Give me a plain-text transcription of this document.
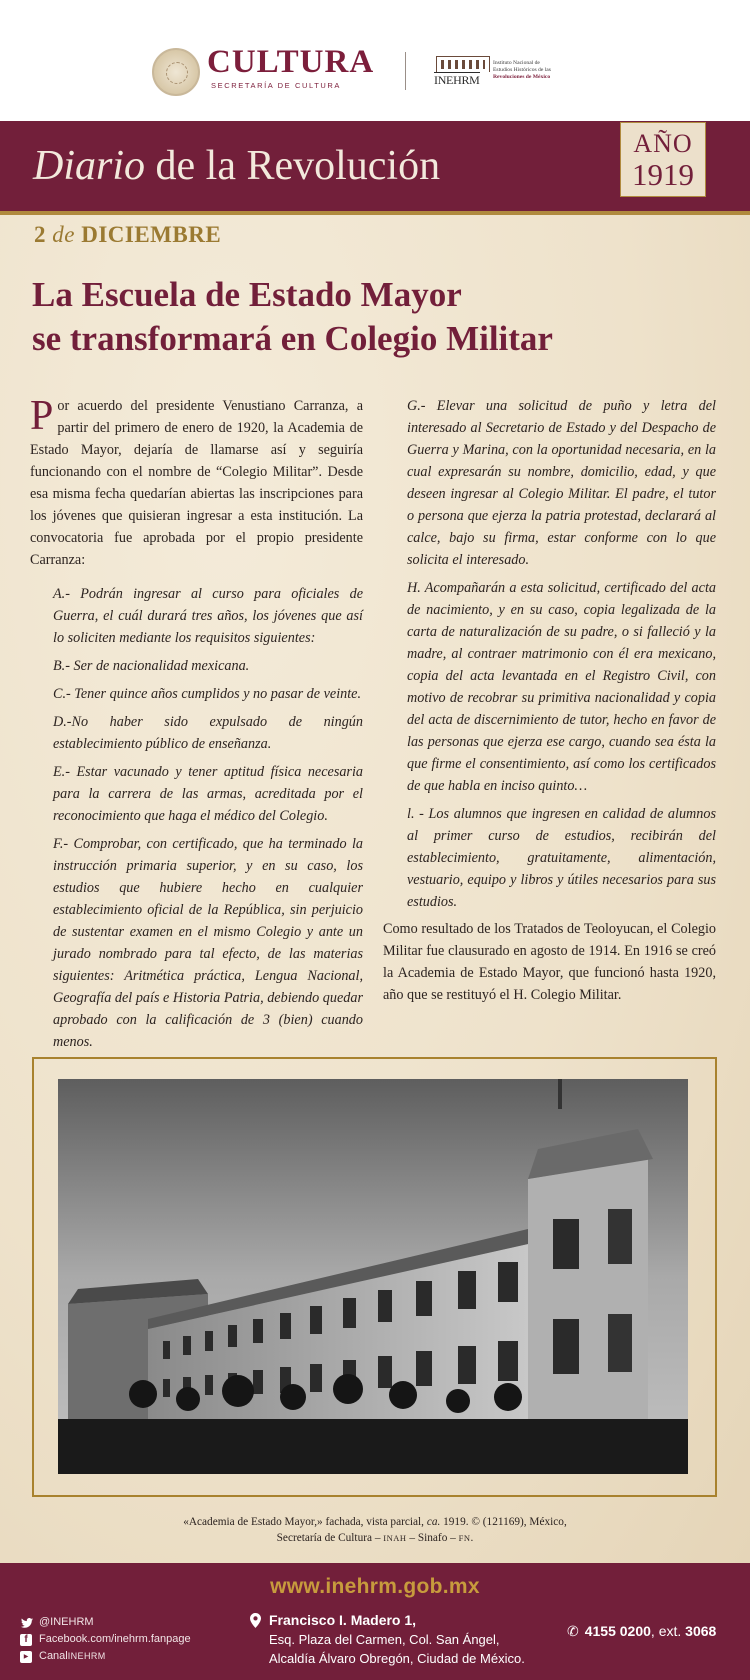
CULTURA
SECRETARÍA DE CULTURA	INEHRM
Instituto Nacional de
Estudios Históricos de las
Revoluciones de México
Diario de la Revolución	AÑO
1919
2 de DICIEMBRE
La Escuela de Estado Mayor
se transformará en Colegio Militar

Por acuerdo del presidente Venustiano Carranza, a partir del primero de enero de 1920, la Academia de Estado Mayor, dejaría de llamarse así y seguiría funcionando con el nombre de “Colegio Militar”. Desde esa misma fecha quedarían abiertas las inscripciones para los jóvenes que quisieran ingresar a esta institución. La convocatoria fue aprobada por el propio presidente Carranza:

A.- Podrán ingresar al curso para oficiales de Guerra, el cuál durará tres años, los jóvenes que así lo soliciten mediante los requisitos siguientes:

B.- Ser de nacionalidad mexicana.

C.- Tener quince años cumplidos y no pasar de veinte.

D.-No haber sido expulsado de ningún establecimiento público de enseñanza.

E.- Estar vacunado y tener aptitud física necesaria para la carrera de las armas, acreditada por el reconocimiento que haga el médico del Colegio.

F.- Comprobar, con certificado, que ha terminado la instrucción primaria superior, y en su caso, los estudios que hubiere hecho en cualquier establecimiento oficial de la República, sin perjuicio de sustentar examen en el mismo Colegio y ante un jurado nombrado para tal efecto, de las materias siguientes: Aritmética práctica, Lengua Nacional, Geografía del país e Historia Patria, debiendo quedar aprobado con la calificación de 3 (bien) cuando menos.

G.- Elevar una solicitud de puño y letra del interesado al Secretario de Estado y del Despacho de Guerra y Marina, con la oportunidad necesaria, en la cual expresarán su nombre, domicilio, edad, y que deseen ingresar al Colegio Militar. El padre, el tutor o persona que ejerza la patria protestad, declarará al calce, bajo su firma, estar conforme con lo que solicita el interesado.

H. Acompañarán a esta solicitud, certificado del acta de nacimiento, y en su caso, copia legalizada de la carta de naturalización de su padre, o si falleció y la madre, al contraer matrimonio con él era mexicano, copia del acta levantada en el Registro Civil, con motivo de recobrar su primitiva nacionalidad y copia del acta de discernimiento de tutor, hecho en favor de las personas que ejerza ese cargo, cuando sea ésta la que firme el consentimiento, así como los certificados de que habla en inciso quinto…

l. - Los alumnos que ingresen en calidad de alumnos al primer curso de estudios, recibirán del establecimiento, gratuitamente, alimentación, vestuario, equipo y libros y útiles necesarios para sus estudios.

Como resultado de los Tratados de Teoloyucan, el Colegio Militar fue clausurado en agosto de 1914. En 1916 se creó la Academia de Estado Mayor, que funcionó hasta 1920, año que se restituyó el H. Colegio Militar.

«Academia de Estado Mayor,» fachada, vista parcial, ca. 1919. © (121169), México,
Secretaría de Cultura – INAH – Sinafo – FN.
www.inehrm.gob.mx
@INEHRM
f	Facebook.com/inehrm.fanpage
▶ Canal INEHRM
Francisco I. Madero 1,
Esq. Plaza del Carmen, Col. San Ángel,
Alcaldía Álvaro Obregón, Ciudad de México.
✆ 4155 0200, ext. 3068
